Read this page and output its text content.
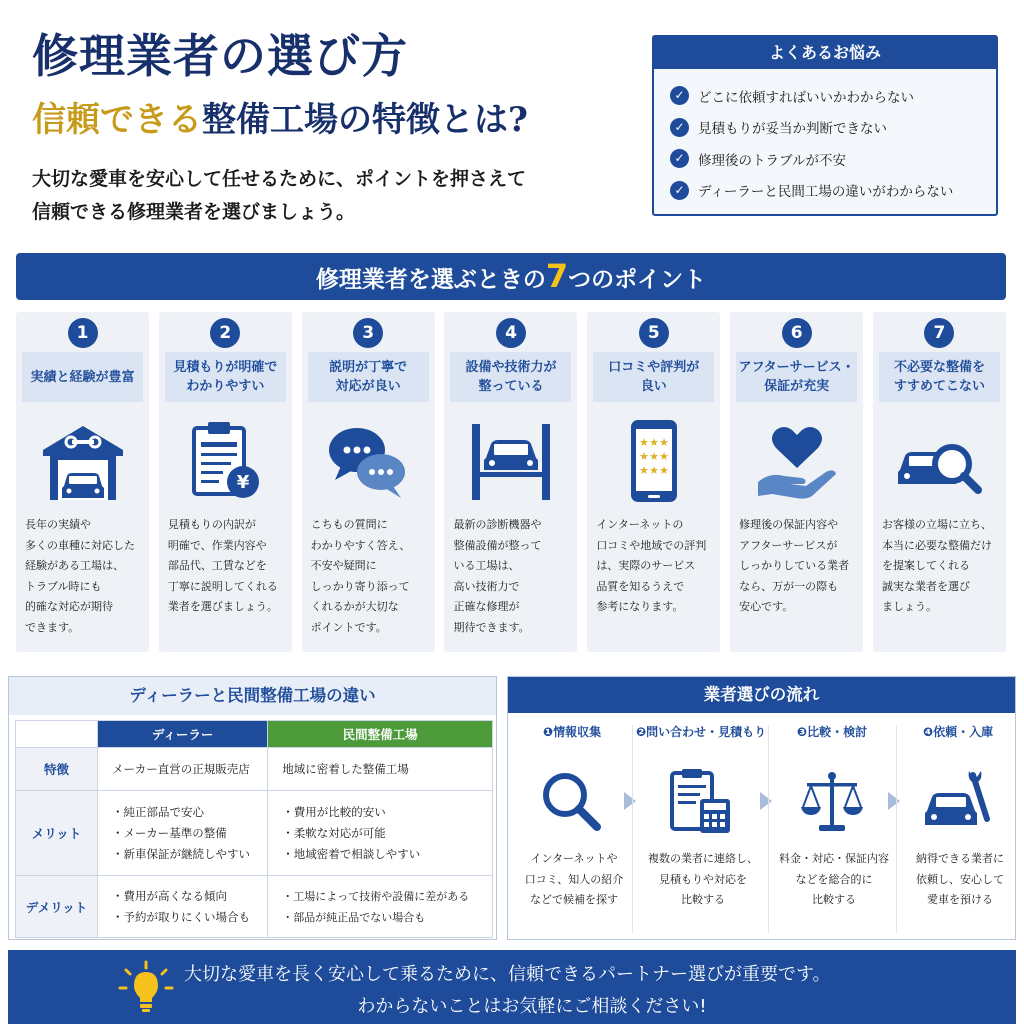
修理業者の選び方
信頼できる整備工場の特徴とは?
大切な愛車を安心して任せるために、ポイントを押さえて
信頼できる修理業者を選びましょう。
よくあるお悩み
✓ どこに依頼すればいいかわからない
✓ 見積もりが妥当か判断できない
✓ 修理後のトラブルが不安
✓ ディーラーと民間工場の違いがわからない
修理業者を選ぶときの7つのポイント
1
実績と経験が豊富
長年の実績や
多くの車種に対応した
経験がある工場は、
トラブル時にも
的確な対応が期待
できます。
2
見積もりが明確で
わかりやすい
¥
見積もりの内訳が
明確で、作業内容や
部品代、工賃などを
丁寧に説明してくれる
業者を選びましょう。
3
説明が丁寧で
対応が良い
こちもの質問に
わかりやすく答え、
不安や疑問に
しっかり寄り添って
くれるかが大切な
ポイントです。
4
設備や技術力が
整っている
最新の診断機器や
整備設備が整って
いる工場は、
高い技術力で
正確な修理が
期待できます。
5
口コミや評判が
良い
★ ★ ★
★ ★ ★
★ ★ ★
インターネットの
口コミや地域での評判
は、実際のサービス
品質を知るうえで
参考になります。
6
アフターサービス・
保証が充実
修理後の保証内容や
アフターサービスが
しっかりしている業者
なら、万が一の際も
安心です。
7
不必要な整備を
すすめてこない
お客様の立場に立ち、
本当に必要な整備だけ
を提案してくれる
誠実な業者を選び
ましょう。
ディーラーと民間整備工場の違い
	ディーラー	民間整備工場
特徴	メーカー直営の正規販売店	地域に密着した整備工場
メリット	・純正部品で安心
・メーカー基準の整備
・新車保証が継続しやすい	・費用が比較的安い
・柔軟な対応が可能
・地域密着で相談しやすい
デメリット	・費用が高くなる傾向
・予約が取りにくい場合も	・工場によって技術や設備に差がある
・部品が純正品でない場合も
業者選びの流れ
❶情報収集
インターネットや
口コミ、知人の紹介
などで候補を探す
❷問い合わせ・見積もり
複数の業者に連絡し、
見積もりや対応を
比較する
❸比較・検討
料金・対応・保証内容
などを総合的に
比較する
❹依頼・入庫
納得できる業者に
依頼し、安心して
愛車を預ける
大切な愛車を長く安心して乗るために、信頼できるパートナー選びが重要です。
わからないことはお気軽にご相談ください!
